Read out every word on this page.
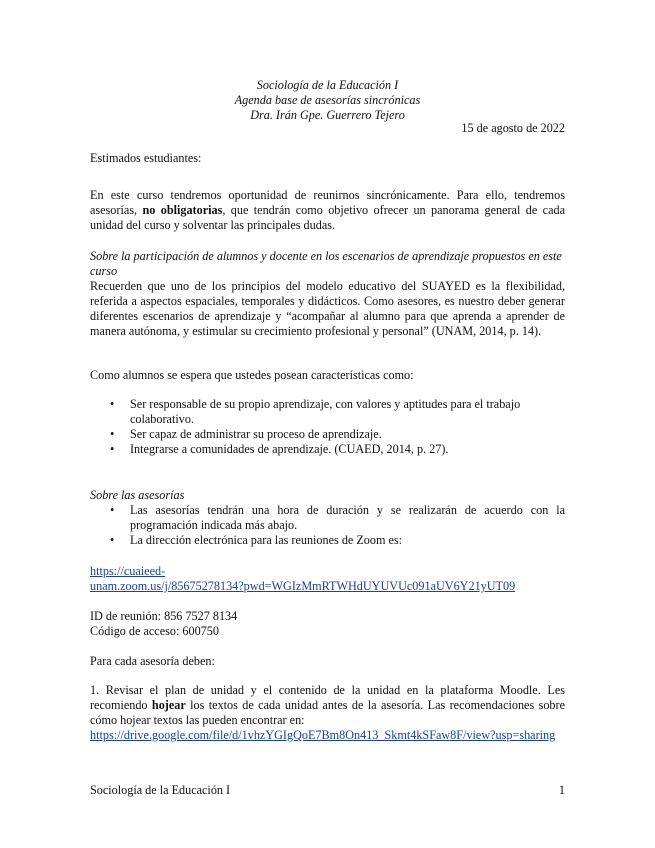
Sociología de la Educación I
Agenda base de asesorías sincrónicas
Dra. Irán Gpe. Guerrero Tejero
15 de agosto de 2022
Estimados estudiantes:

En este curso tendremos oportunidad de reunirnos sincrónicamente. Para ello, tendremos asesorías, no obligatorias, que tendrán como objetivo ofrecer un panorama general de cada unidad del curso y solventar las principales dudas.

Sobre la participación de alumnos y docente en los escenarios de aprendizaje propuestos en este curso

Recuerden que uno de los principios del modelo educativo del SUAYED es la flexibilidad, referida a aspectos espaciales, temporales y didácticos. Como asesores, es nuestro deber generar diferentes escenarios de aprendizaje y “acompañar al alumno para que aprenda a aprender de manera autónoma, y estimular su crecimiento profesional y personal” (UNAM, 2014, p. 14).

Como alumnos se espera que ustedes posean características como:

• Ser responsable de su propio aprendizaje, con valores y aptitudes para el trabajo colaborativo.
• Ser capaz de administrar su proceso de aprendizaje.
• Integrarse a comunidades de aprendizaje. (CUAED, 2014, p. 27).

Sobre las asesorías

• Las asesorías tendrán una hora de duración y se realizarán de acuerdo con la programación indicada más abajo.
• La dirección electrónica para las reuniones de Zoom es:
https://cuaieed-
unam.zoom.us/j/85675278134?pwd=WGIzMmRTWHdUYUVUc091aUV6Y21yUT09
ID de reunión: 856 7527 8134
Código de acceso: 600750
Para cada asesoría deben:

1. Revisar el plan de unidad y el contenido de la unidad en la plataforma Moodle. Les recomiendo hojear los textos de cada unidad antes de la asesoría. Las recomendaciones sobre cómo hojear textos las pueden encontrar en:

https://drive.google.com/file/d/1vhzYGIgQoE7Bm8On413_Skmt4kSFaw8F/view?usp=sharing
Sociología de la Educación I	1
